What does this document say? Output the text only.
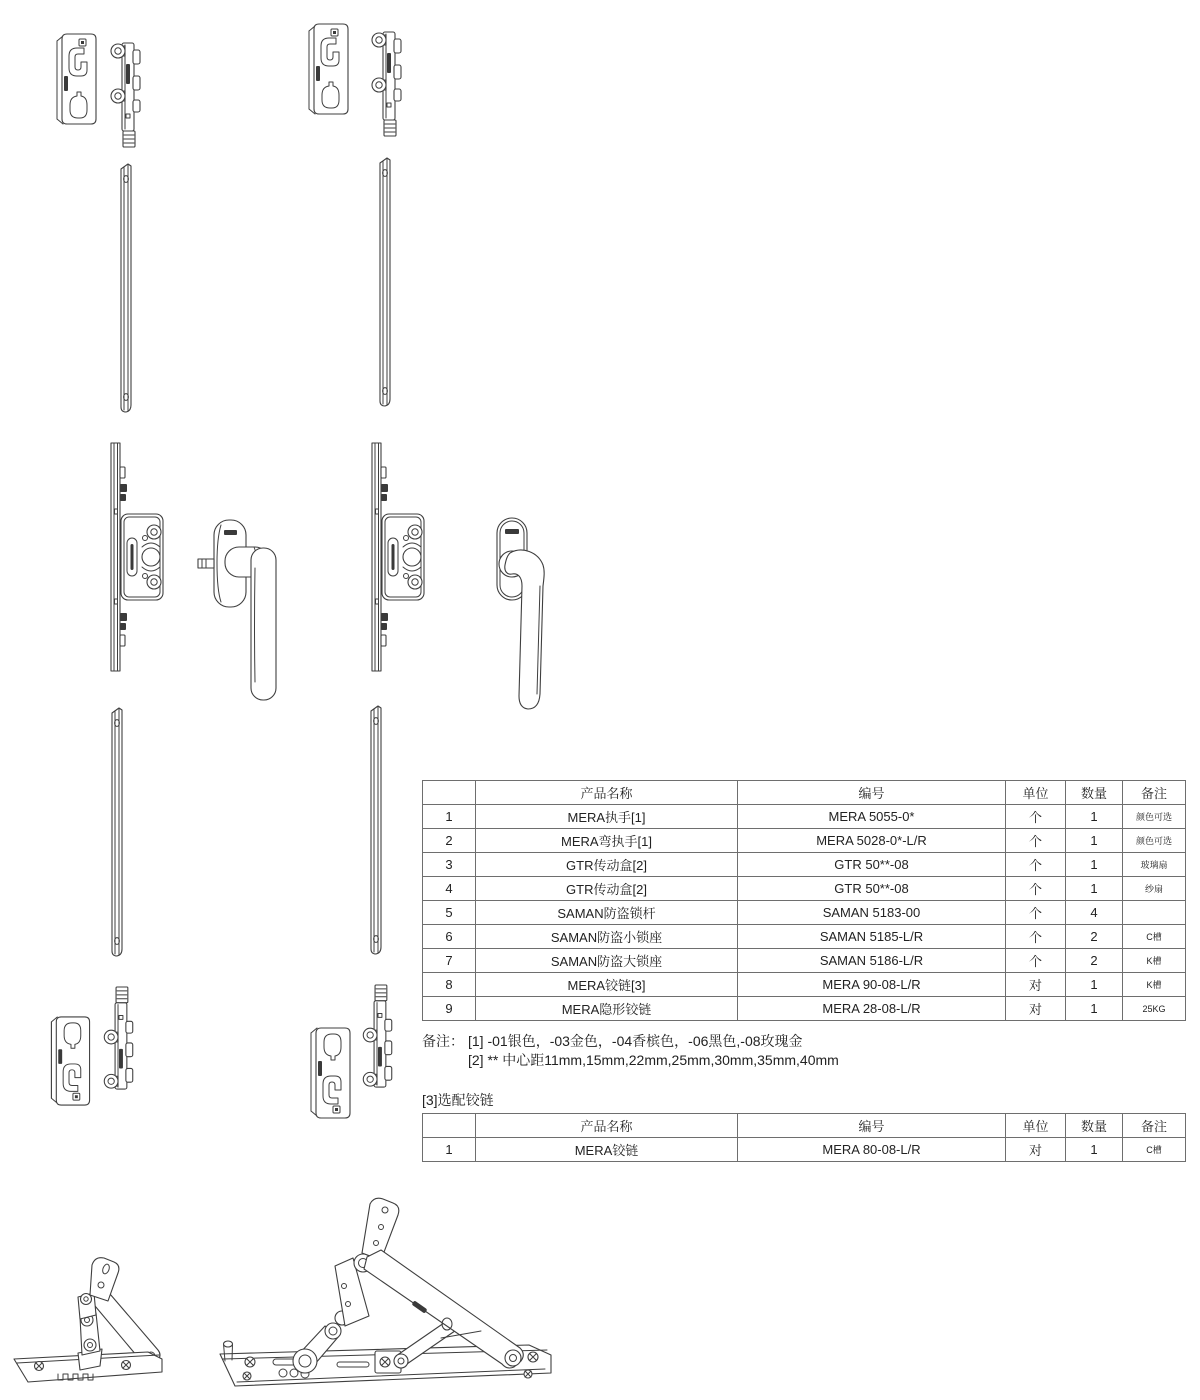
	产品名称	编号	单位	数量	备注
1	MERA执手[1]	MERA 5055-0*	个	1	颜色可选
2	MERA弯执手[1]	MERA 5028-0*-L/R	个	1	颜色可选
3	GTR传动盒[2]	GTR 50**-08	个	1	玻璃扇
4	GTR传动盒[2]	GTR 50**-08	个	1	纱扇
5	SAMAN防盗锁杆	SAMAN 5183-00	个	4	
6	SAMAN防盗小锁座	SAMAN 5185-L/R	个	2	C槽
7	SAMAN防盗大锁座	SAMAN 5186-L/R	个	2	K槽
8	MERA铰链[3]	MERA 90-08-L/R	对	1	K槽
9	MERA隐形铰链	MERA 28-08-L/R	对	1	25KG
备注： [1] -01银色，-03金色，-04香槟色，-06黑色,-08玫瑰金
[2] ** 中心距11mm,15mm,22mm,25mm,30mm,35mm,40mm
[3]选配铰链
	产品名称	编号	单位	数量	备注
1	MERA铰链	MERA 80-08-L/R	对	1	C槽
